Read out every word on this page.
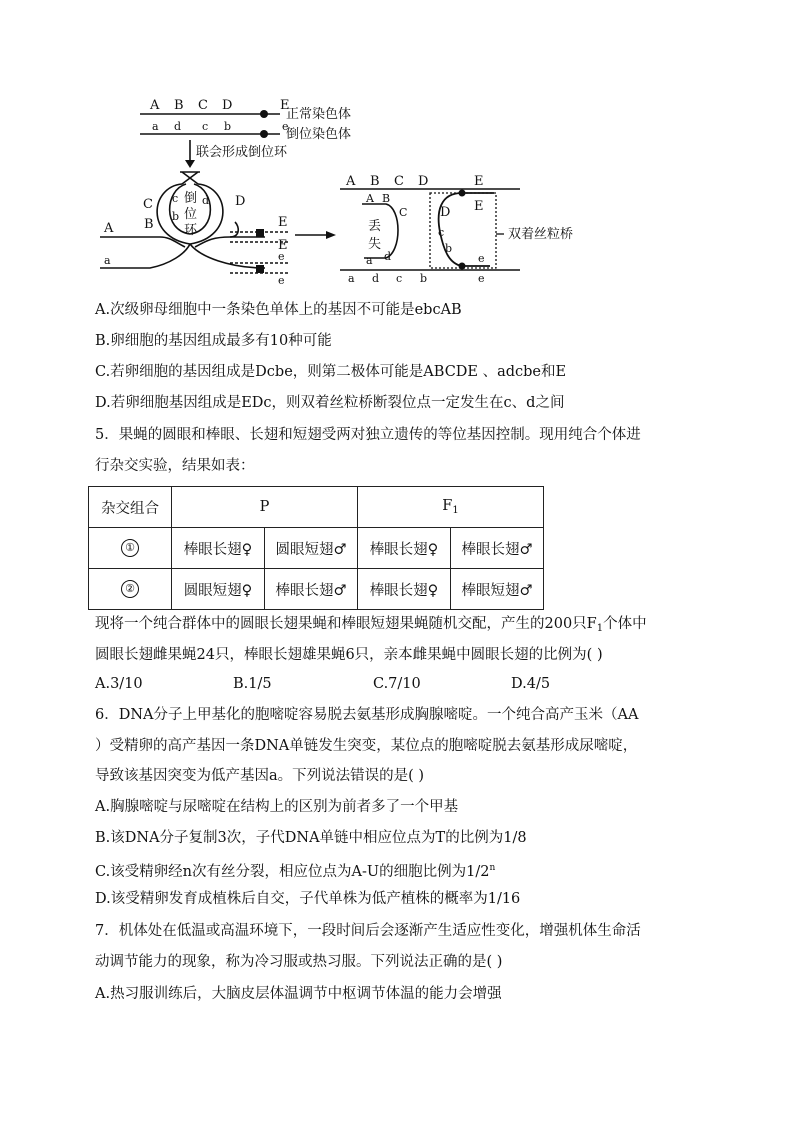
A B C D	E
正常染色体
a d c b	e
倒位染色体
联会形成倒位环
C	D
B
c
b
d
倒
位
环
A
a
E
E
e
e
A B C D	E
a d c b	e
丢
失
A B
C
a d
D E
c
b
e
双着丝粒桥
A.次级卵母细胞中一条染色单体上的基因不可能是ebcAB
B.卵细胞的基因组成最多有10种可能
C.若卵细胞的基因组成是Dcbe，则第二极体可能是ABCDE 、adcbe和E
D.若卵细胞基因组成是EDc，则双着丝粒桥断裂位点一定发生在c、d之间
5．果蝇的圆眼和棒眼、长翅和短翅受两对独立遗传的等位基因控制。现用纯合个体进
行杂交实验，结果如表：
杂交组合	P		$F_1$
①	棒眼长翅♀	圆眼短翅♂	棒眼长翅♀	棒眼长翅♂
②	圆眼短翅♀	棒眼长翅♂	棒眼长翅♀	棒眼短翅♂
现将一个纯合群体中的圆眼长翅果蝇和棒眼短翅果蝇随机交配，产生的200只$F_1$个体中
圆眼长翅雌果蝇24只，棒眼长翅雄果蝇6只，亲本雌果蝇中圆眼长翅的比例为( )
A.3/10	B.1/5	C.7/10	D.4/5
6．DNA分子上甲基化的胞嘧啶容易脱去氨基形成胸腺嘧啶。一个纯合高产玉米（AA
）受精卵的高产基因一条DNA单链发生突变，某位点的胞嘧啶脱去氨基形成尿嘧啶，
导致该基因突变为低产基因a。下列说法错误的是( )
A.胸腺嘧啶与尿嘧啶在结构上的区别为前者多了一个甲基
B.该DNA分子复制3次，子代DNA单链中相应位点为T的比例为1/8
C.该受精卵经n次有丝分裂，相应位点为A-U的细胞比例为1/2$^n$
D.该受精卵发育成植株后自交，子代单株为低产植株的概率为1/16
7．机体处在低温或高温环境下，一段时间后会逐渐产生适应性变化，增强机体生命活
动调节能力的现象，称为冷习服或热习服。下列说法正确的是( )
A.热习服训练后，大脑皮层体温调节中枢调节体温的能力会增强
